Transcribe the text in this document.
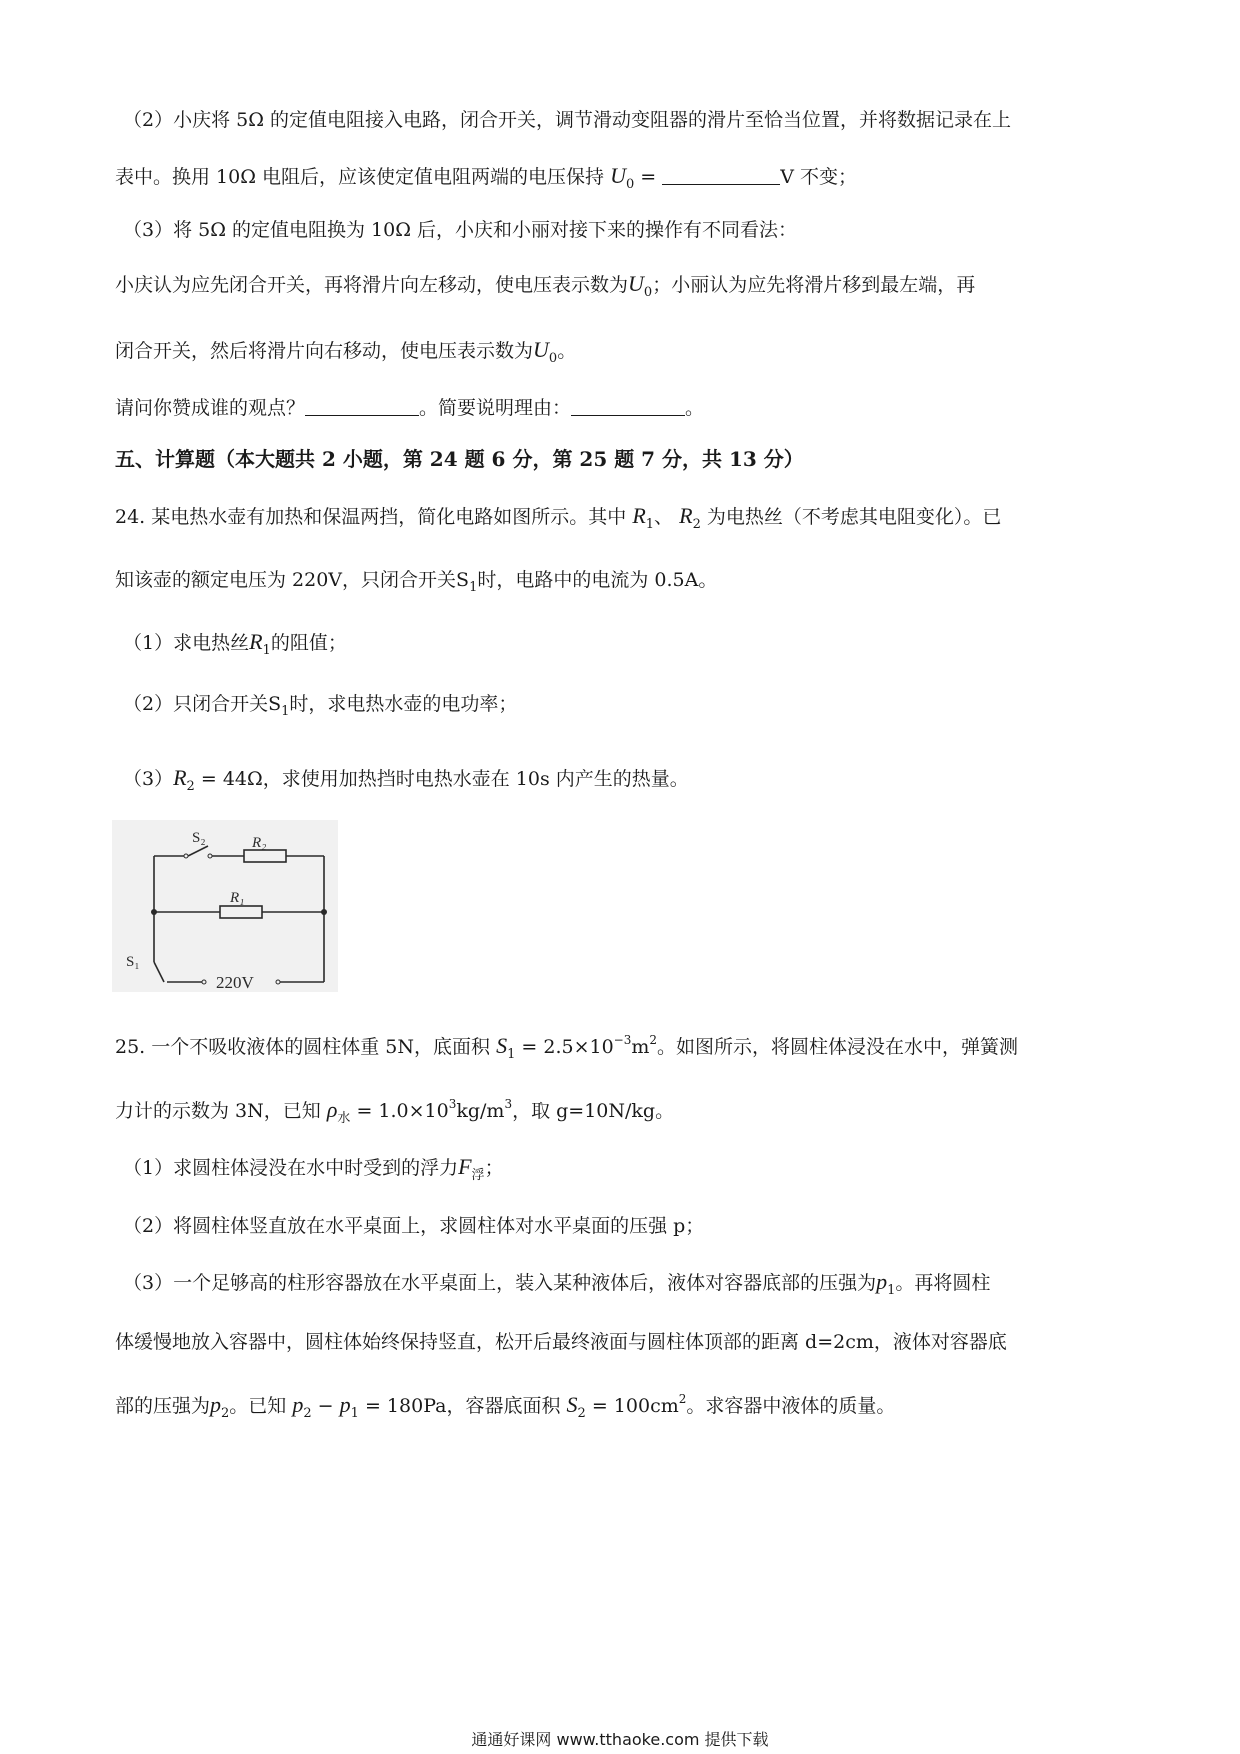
（2）小庆将 5Ω 的定值电阻接入电路，闭合开关，调节滑动变阻器的滑片至恰当位置，并将数据记录在上
表中。换用 10Ω 电阻后，应该使定值电阻两端的电压保持 $U_0$ =	V 不变；
（3）将 5Ω 的定值电阻换为 10Ω 后，小庆和小丽对接下来的操作有不同看法：
小庆认为应先闭合开关，再将滑片向左移动，使电压表示数为$U_0$；小丽认为应先将滑片移到最左端，再
闭合开关，然后将滑片向右移动，使电压表示数为$U_0$。
请问你赞成谁的观点？	。简要说明理由：	。
五、计算题（本大题共 2 小题，第 24 题 6 分，第 25 题 7 分，共 13 分）
24. 某电热水壶有加热和保温两挡，简化电路如图所示。其中 $R_1$、 $R_2$ 为电热丝（不考虑其电阻变化）。已
知该壶的额定电压为 220V，只闭合开关$S_1$时，电路中的电流为 0.5A。
（1）求电热丝$R_1$的阻值；
（2）只闭合开关$S_1$时，求电热水壶的电功率；
$(3)R_2 = 44\Omega$，求使用加热挡时电热水壶在 10s 内产生的热量。
S₂	R₂
R₁
S₁
220V
25. 一个不吸收液体的圆柱体重 5N，底面积 $S_1 = 2.5\times 10^{-3}m^2$。如图所示，将圆柱体浸没在水中，弹簧测
力计的示数为 3N，已知 $\rho_水 = 1.0\times 10^3kg/m^3$，取 g=10N/kg。
（1）求圆柱体浸没在水中时受到的浮力$F_浮$；
（2）将圆柱体竖直放在水平桌面上，求圆柱体对水平桌面的压强 p；
（3）一个足够高的柱形容器放在水平桌面上，装入某种液体后，液体对容器底部的压强为$p_1$。再将圆柱
体缓慢地放入容器中，圆柱体始终保持竖直，松开后最终液面与圆柱体顶部的距离 d=2cm，液体对容器底
部的压强为$p_2$。已知 $p_2 - p_1 = 180Pa$，容器底面积 $S_2 = 100cm^2$。求容器中液体的质量。
通通好课网 www.tthaoke.com 提供下载
